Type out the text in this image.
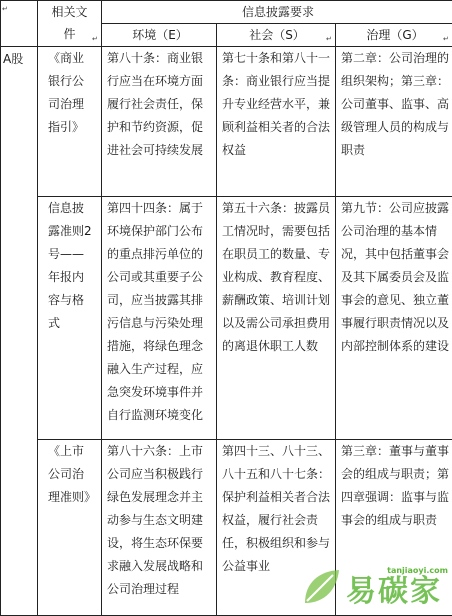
	相关文件	信息披露要求		
		环境（E）	社会（S）	治理（G）
A股	《商业银行公司治理指引》	第八十条：商业银行应当在环境方面履行社会责任，保护和节约资源，促进社会可持续发展	第七十条和第八十一条：商业银行应当提升专业经营水平，兼顾利益相关者的合法权益	第二章：公司治理的组织架构；第三章：公司董事、监事、高级管理人员的构成与职责
	信息披露准则2号——年报内容与格式	第四十四条：属于环境保护部门公布的重点排污单位的公司或其重要子公司，应当披露其排污信息与污染处理措施，将绿色理念融入生产过程，应急突发环境事件并自行监测环境变化	第五十六条：披露员工情况时，需要包括在职员工的数量、专业构成、教育程度、薪酬政策、培训计划以及需公司承担费用的离退休职工人数	第九节：公司应披露公司治理的基本情况，其中包括董事会及其下属委员会及监事会的意见、独立董事履行职责情况以及内部控制体系的建设
	《上市公司治理准则》	第八十六条：上市公司应当积极践行绿色发展理念并主动参与生态文明建设，将生态环保要求融入发展战略和公司治理过程	第四十三、八十三、八十五和八十七条：保护利益相关者合法权益，履行社会责任，积极组织和参与公益事业	第三章：董事与董事会的组成与职责；第四章强调：监事与监事会的组成与职责
↵
↵	↵	↵
易碳家
tanjiaoyi.com
